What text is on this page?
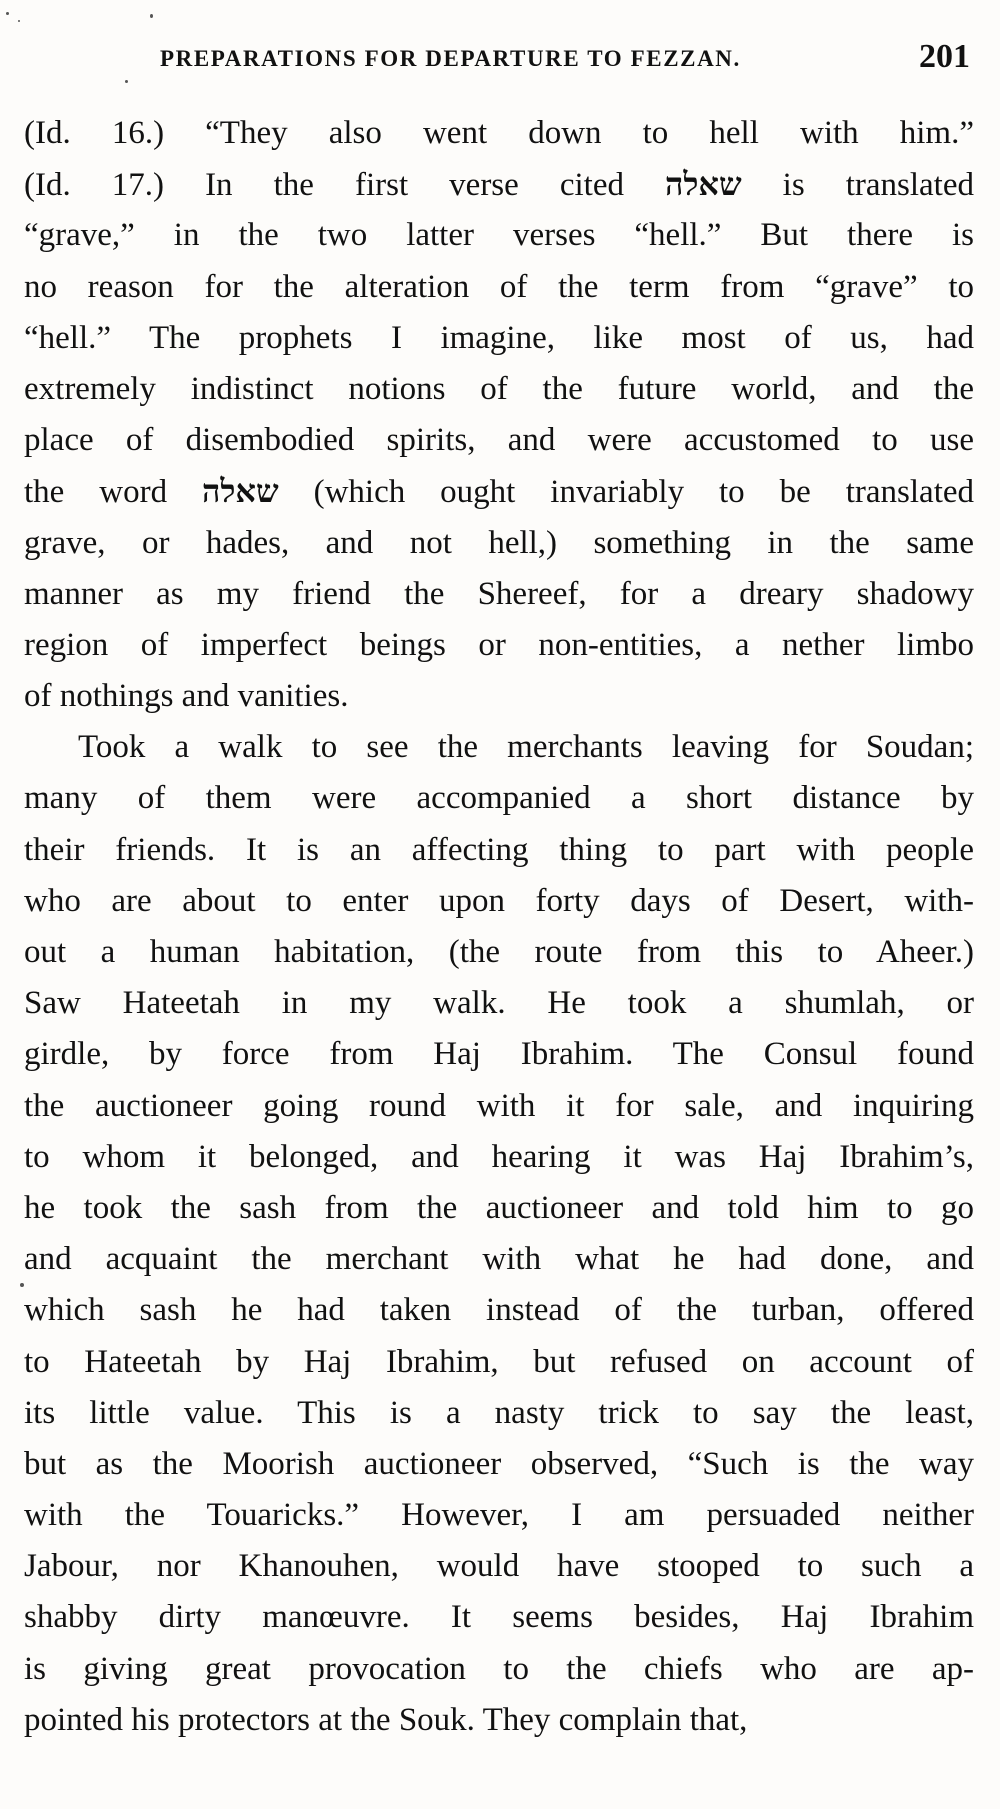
PREPARATIONS FOR DEPARTURE TO FEZZAN.	201
(Id. 16.) “They also went down to hell with him.”
(Id. 17.) In the first verse cited שאלה is translated
“grave,” in the two latter verses “hell.” But there is
no reason for the alteration of the term from “grave” to
“hell.” The prophets I imagine, like most of us, had
extremely indistinct notions of the future world, and the
place of disembodied spirits, and were accustomed to use
the word שאלה (which ought invariably to be translated
grave, or hades, and not hell,) something in the same
manner as my friend the Shereef, for a dreary shadowy
region of imperfect beings or non-entities, a nether limbo
of nothings and vanities.
Took a walk to see the merchants leaving for Soudan;
many of them were accompanied a short distance by
their friends. It is an affecting thing to part with people
who are about to enter upon forty days of Desert, with-
out a human habitation, (the route from this to Aheer.)
Saw Hateetah in my walk. He took a shumlah, or
girdle, by force from Haj Ibrahim. The Consul found
the auctioneer going round with it for sale, and inquiring
to whom it belonged, and hearing it was Haj Ibrahim’s,
he took the sash from the auctioneer and told him to go
and acquaint the merchant with what he had done, and
which sash he had taken instead of the turban, offered
to Hateetah by Haj Ibrahim, but refused on account of
its little value. This is a nasty trick to say the least,
but as the Moorish auctioneer observed, “Such is the way
with the Touaricks.” However, I am persuaded neither
Jabour, nor Khanouhen, would have stooped to such a
shabby dirty manœuvre. It seems besides, Haj Ibrahim
is giving great provocation to the chiefs who are ap-
pointed his protectors at the Souk. They complain that,
